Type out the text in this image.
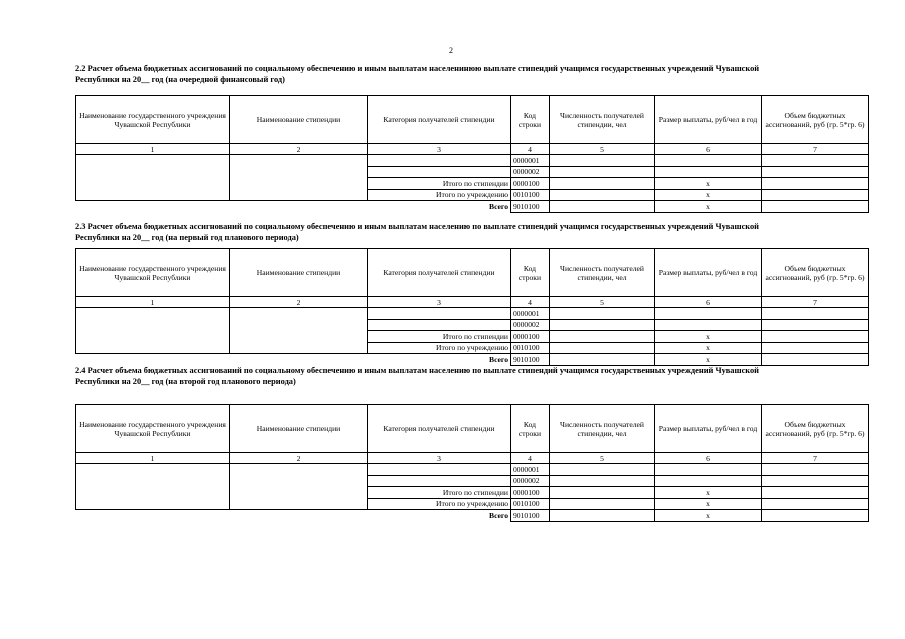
2
2.2 Расчет объема бюджетных ассигнований по социальному обеспечению и иным выплатам населенинюю выплате стипендий учащимся государственных учреждений Чувашской
Республики на 20__ год (на очередной финансовый год)
Наименование государственного учреждения Чувашской Республики	Наименование стипендии	Категория получателей стипендии	Код строки	Численность получателей стипендии, чел	Размер выплаты, руб/чел в год	Объем бюджетных ассигнований, руб (гр. 5*гр. 6)
1	2	3	4	5	6	7
			0000001			
			0000002			
		Итого по стипендии	0000100		x	
		Итого по учреждению	0010100		x	
Всего			9010100		x	
2.3 Расчет объема бюджетных ассигнований по социальному обеспечению и иным выплатам населению по выплате стипендий учащимся государственных учреждений Чувашской
Республики на 20__ год (на первый год планового периода)
Наименование государственного учреждения Чувашской Республики	Наименование стипендии	Категория получателей стипендии	Код строки	Численность получателей стипендии, чел	Размер выплаты, руб/чел в год	Объем бюджетных ассигнований, руб (гр. 5*гр. 6)
1	2	3	4	5	6	7
			0000001			
			0000002			
		Итого по стипендии	0000100		x	
		Итого по учреждению	0010100		x	
Всего			9010100		x	
2.4 Расчет объема бюджетных ассигнований по социальному обеспечению и иным выплатам населению по выплате стипендий учащимся государственных учреждений Чувашской
Республики на 20__ год (на второй год планового периода)
Наименование государственного учреждения Чувашской Республики	Наименование стипендии	Категория получателей стипендии	Код строки	Численность получателей стипендии, чел	Размер выплаты, руб/чел в год	Объем бюджетных ассигнований, руб (гр. 5*гр. 6)
1	2	3	4	5	6	7
			0000001			
			0000002			
		Итого по стипендии	0000100		x	
		Итого по учреждению	0010100		x	
Всего			9010100		x	
